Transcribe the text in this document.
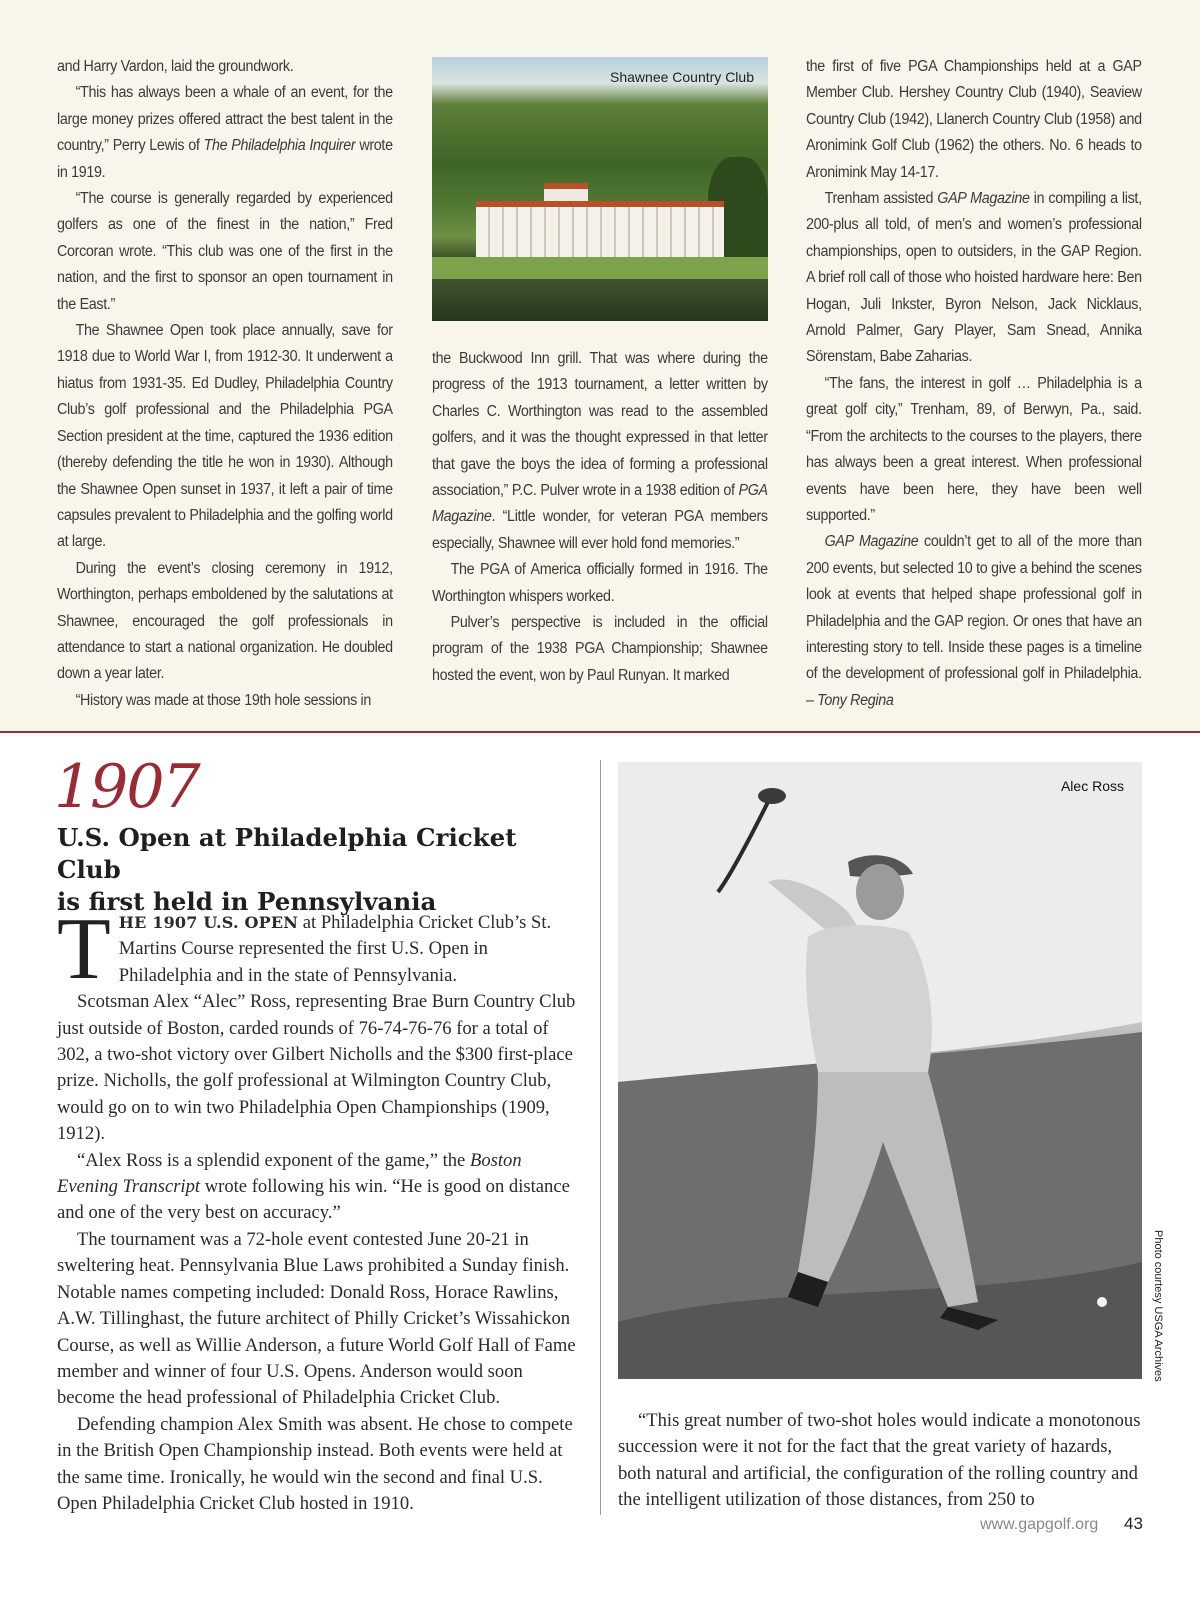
and Harry Vardon, laid the groundwork.

“This has always been a whale of an event, for the large money prizes offered attract the best talent in the country,” Perry Lewis of The Philadelphia Inquirer wrote in 1919.

“The course is generally regarded by experienced golfers as one of the finest in the nation,” Fred Corcoran wrote. “This club was one of the first in the nation, and the first to sponsor an open tournament in the East.”

The Shawnee Open took place annually, save for 1918 due to World War I, from 1912-30. It underwent a hiatus from 1931-35. Ed Dudley, Philadelphia Country Club’s golf professional and the Philadelphia PGA Section president at the time, captured the 1936 edition (thereby defending the title he won in 1930). Although the Shawnee Open sunset in 1937, it left a pair of time capsules prevalent to Philadelphia and the golfing world at large.

During the event’s closing ceremony in 1912, Worthington, perhaps emboldened by the salutations at Shawnee, encouraged the golf professionals in attendance to start a national organization. He doubled down a year later.

“History was made at those 19th hole sessions in

Shawnee Country Club

the Buckwood Inn grill. That was where during the progress of the 1913 tournament, a letter written by Charles C. Worthington was read to the assembled golfers, and it was the thought expressed in that letter that gave the boys the idea of forming a professional association,” P.C. Pulver wrote in a 1938 edition of PGA Magazine. “Little wonder, for veteran PGA members especially, Shawnee will ever hold fond memories.”

The PGA of America officially formed in 1916. The Worthington whispers worked.

Pulver’s perspective is included in the official program of the 1938 PGA Championship; Shawnee hosted the event, won by Paul Runyan. It marked

the first of five PGA Championships held at a GAP Member Club. Hershey Country Club (1940), Seaview Country Club (1942), Llanerch Country Club (1958) and Aronimink Golf Club (1962) the others. No. 6 heads to Aronimink May 14-17.

Trenham assisted GAP Magazine in compiling a list, 200-plus all told, of men’s and women’s professional championships, open to outsiders, in the GAP Region. A brief roll call of those who hoisted hardware here: Ben Hogan, Juli Inkster, Byron Nelson, Jack Nicklaus, Arnold Palmer, Gary Player, Sam Snead, Annika Sörenstam, Babe Zaharias.

“The fans, the interest in golf … Philadelphia is a great golf city,” Trenham, 89, of Berwyn, Pa., said. “From the architects to the courses to the players, there has always been a great interest. When professional events have been here, they have been well supported.”

GAP Magazine couldn’t get to all of the more than 200 events, but selected 10 to give a behind the scenes look at events that helped shape professional golf in Philadelphia and the GAP region. Or ones that have an interesting story to tell. Inside these pages is a timeline of the development of professional golf in Philadelphia. – Tony Regina

1907
U.S. Open at Philadelphia Cricket Club
is first held in Pennsylvania

THE 1907 U.S. OPEN at Philadelphia Cricket Club’s St. Martins Course represented the first U.S. Open in Philadelphia and in the state of Pennsylvania.

Scotsman Alex “Alec” Ross, representing Brae Burn Country Club just outside of Boston, carded rounds of 76-74-76-76 for a total of 302, a two-shot victory over Gilbert Nicholls and the $300 first-place prize. Nicholls, the golf professional at Wilmington Country Club, would go on to win two Philadelphia Open Championships (1909, 1912).

“Alex Ross is a splendid exponent of the game,” the Boston Evening Transcript wrote following his win. “He is good on distance and one of the very best on accuracy.”

The tournament was a 72-hole event contested June 20-21 in sweltering heat. Pennsylvania Blue Laws prohibited a Sunday finish. Notable names competing included: Donald Ross, Horace Rawlins, A.W. Tillinghast, the future architect of Philly Cricket’s Wissahickon Course, as well as Willie Anderson, a future World Golf Hall of Fame member and winner of four U.S. Opens. Anderson would soon become the head professional of Philadelphia Cricket Club.

Defending champion Alex Smith was absent. He chose to compete in the British Open Championship instead. Both events were held at the same time. Ironically, he would win the second and final U.S. Open Philadelphia Cricket Club hosted in 1910.

Alec Ross
Photo courtesy USGA Archives

“This great number of two-shot holes would indicate a monotonous succession were it not for the fact that the great variety of hazards, both natural and artificial, the configuration of the rolling country and the intelligent utilization of those distances, from 250 to

www.gapgolf.org 43
